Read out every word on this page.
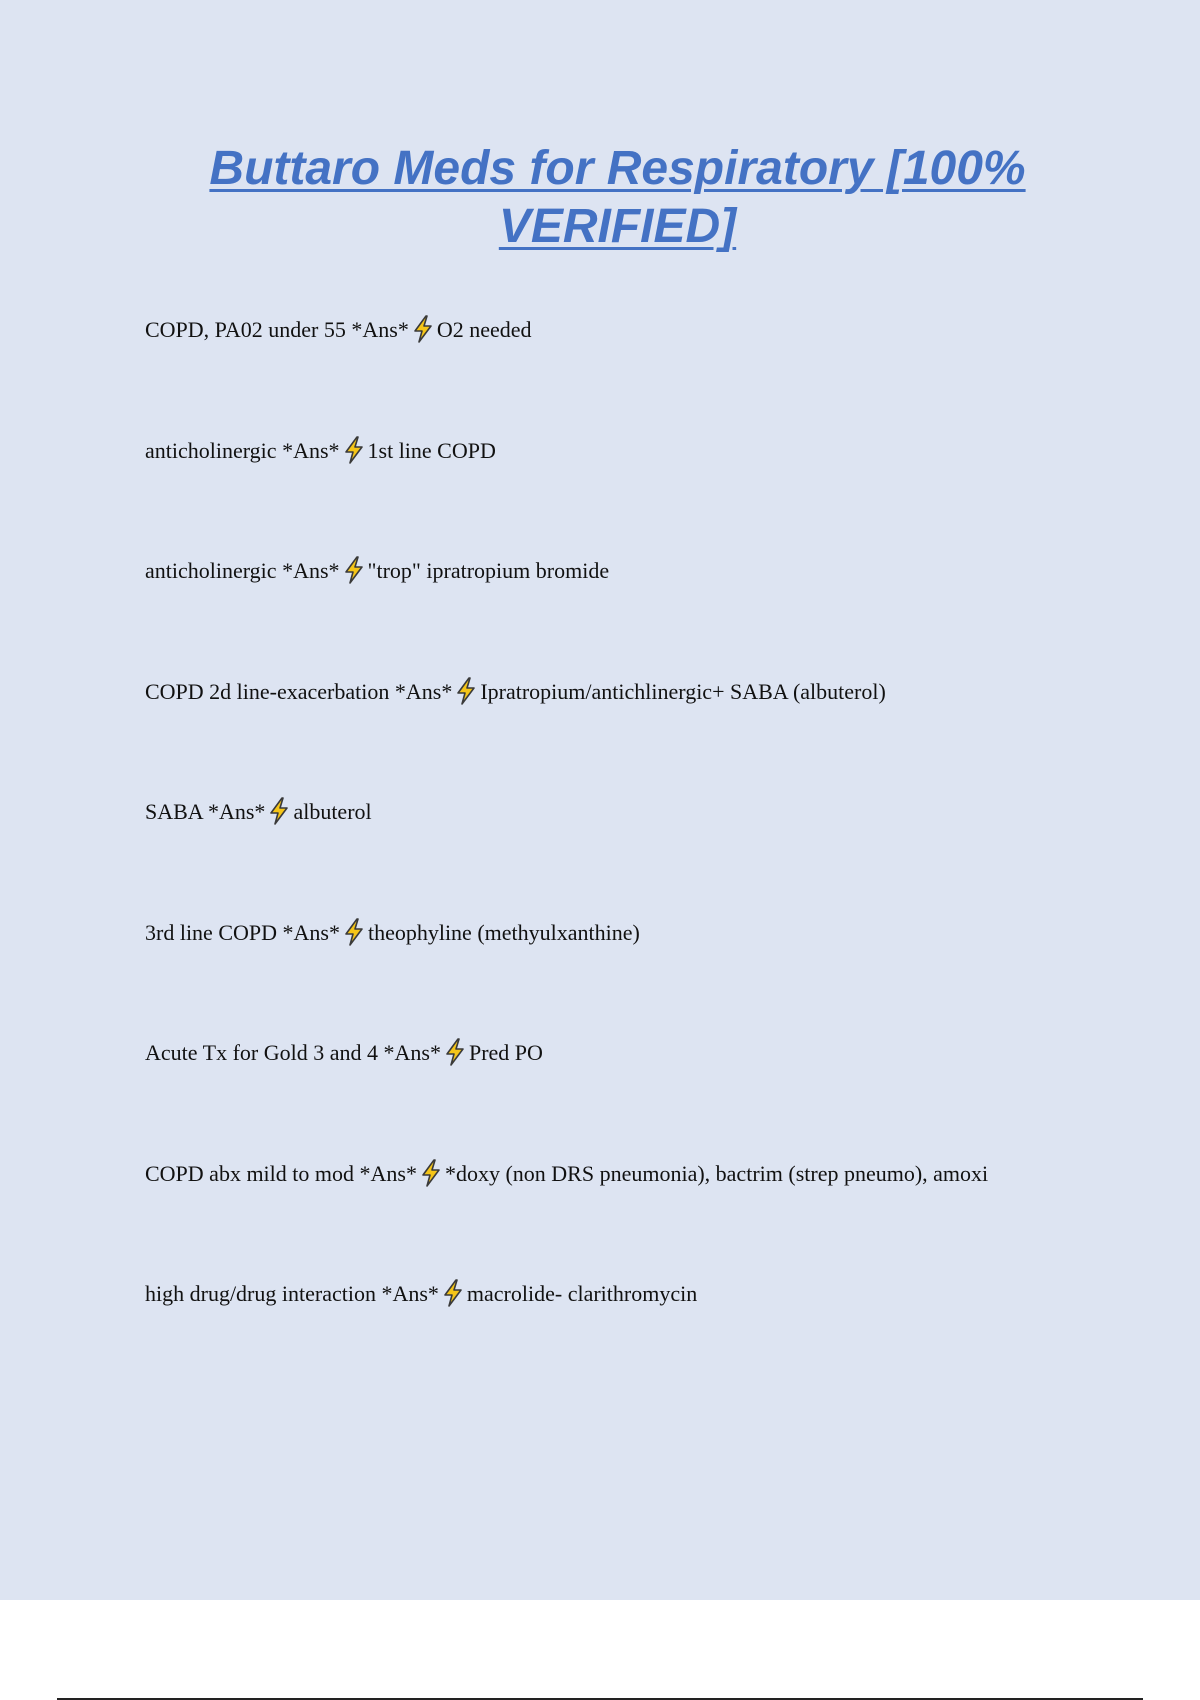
Buttaro Meds for Respiratory [100% VERIFIED]

COPD, PA02 under 55 *Ans* O2 needed

anticholinergic *Ans* 1st line COPD

anticholinergic *Ans* "trop" ipratropium bromide

COPD 2d line-exacerbation *Ans* Ipratropium/antichlinergic+ SABA (albuterol)

SABA *Ans* albuterol

3rd line COPD *Ans* theophyline (methyulxanthine)

Acute Tx for Gold 3 and 4 *Ans* Pred PO

COPD abx mild to mod *Ans* *doxy (non DRS pneumonia), bactrim (strep pneumo), amoxi

high drug/drug interaction *Ans* macrolide- clarithromycin
